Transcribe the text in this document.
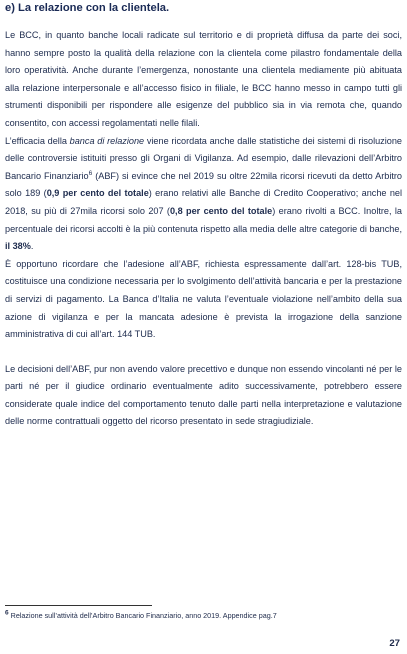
e) La relazione con la clientela.

Le BCC, in quanto banche locali radicate sul territorio e di proprietà diffusa da parte dei soci, hanno sempre posto la qualità della relazione con la clientela come pilastro fondamentale della loro operatività. Anche durante l’emergenza, nonostante una clientela mediamente più abituata alla relazione interpersonale e all’accesso fisico in filiale, le BCC hanno messo in campo tutti gli strumenti disponibili per rispondere alle esigenze del pubblico sia in via remota che, quando consentito, con accessi regolamentati nelle filali.

L’efficacia della banca di relazione viene ricordata anche dalle statistiche dei sistemi di risoluzione delle controversie istituiti presso gli Organi di Vigilanza. Ad esempio, dalle rilevazioni dell’Arbitro Bancario Finanziario$^6$ (ABF) si evince che nel 2019 su oltre 22mila ricorsi ricevuti da detto Arbitro solo 189 (0,9 per cento del totale) erano relativi alle Banche di Credito Cooperativo; anche nel 2018, su più di 27mila ricorsi solo 207 (0,8 per cento del totale) erano rivolti a BCC. Inoltre, la percentuale dei ricorsi accolti è la più contenuta rispetto alla media delle altre categorie di banche, il 38%.

È opportuno ricordare che l’adesione all’ABF, richiesta espressamente dall’art. 128-bis TUB, costituisce una condizione necessaria per lo svolgimento dell’attività bancaria e per la prestazione di servizi di pagamento. La Banca d’Italia ne valuta l’eventuale violazione nell’ambito della sua azione di vigilanza e per la mancata adesione è prevista la irrogazione della sanzione amministrativa di cui all’art. 144 TUB.

Le decisioni dell’ABF, pur non avendo valore precettivo e dunque non essendo vincolanti né per le parti né per il giudice ordinario eventualmente adito successivamente, potrebbero essere considerate quale indice del comportamento tenuto dalle parti nella interpretazione e valutazione delle norme contrattuali oggetto del ricorso presentato in sede stragiudiziale.

$^6$ Relazione sull’attività dell’Arbitro Bancario Finanziario, anno 2019. Appendice pag.7
27
